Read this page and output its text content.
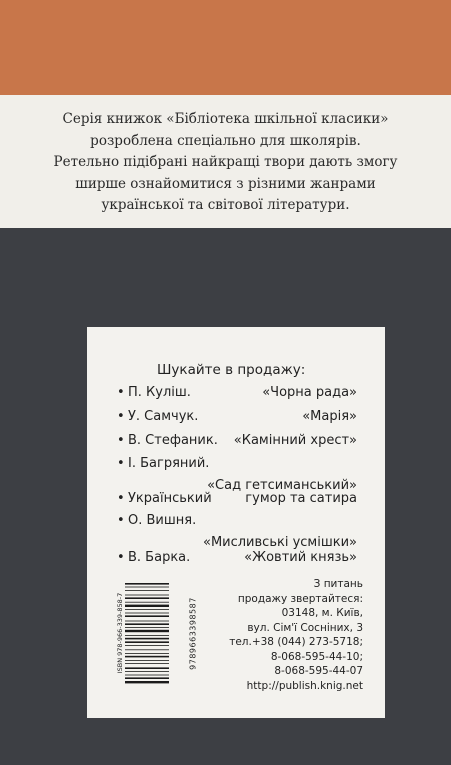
Серія книжок «Бібліотека шкільної класики»
розроблена спеціально для школярів.
Ретельно підібрані найкращі твори дають змогу
ширше ознайомитися з різними жанрами
української та світової літератури.
Шукайте в продажу:
• П. Куліш.	«Чорна рада»
• У. Самчук.	«Марія»
• В. Стефаник. «Камінний хрест»
• І. Багряний.
«Сад гетсиманський»
• Український	гумор та сатира
• О. Вишня.
«Мисливські усмішки»
• В. Барка.	«Жовтий князь»
ISBN 978-966-339-858-7	9789663398587
З питань
продажу звертайтеся:
03148, м. Київ,
вул. Сім'ї Сосніних, 3
тел.+38 (044) 273-5718;
8-068-595-44-10;
8-068-595-44-07
http://publish.knig.net
